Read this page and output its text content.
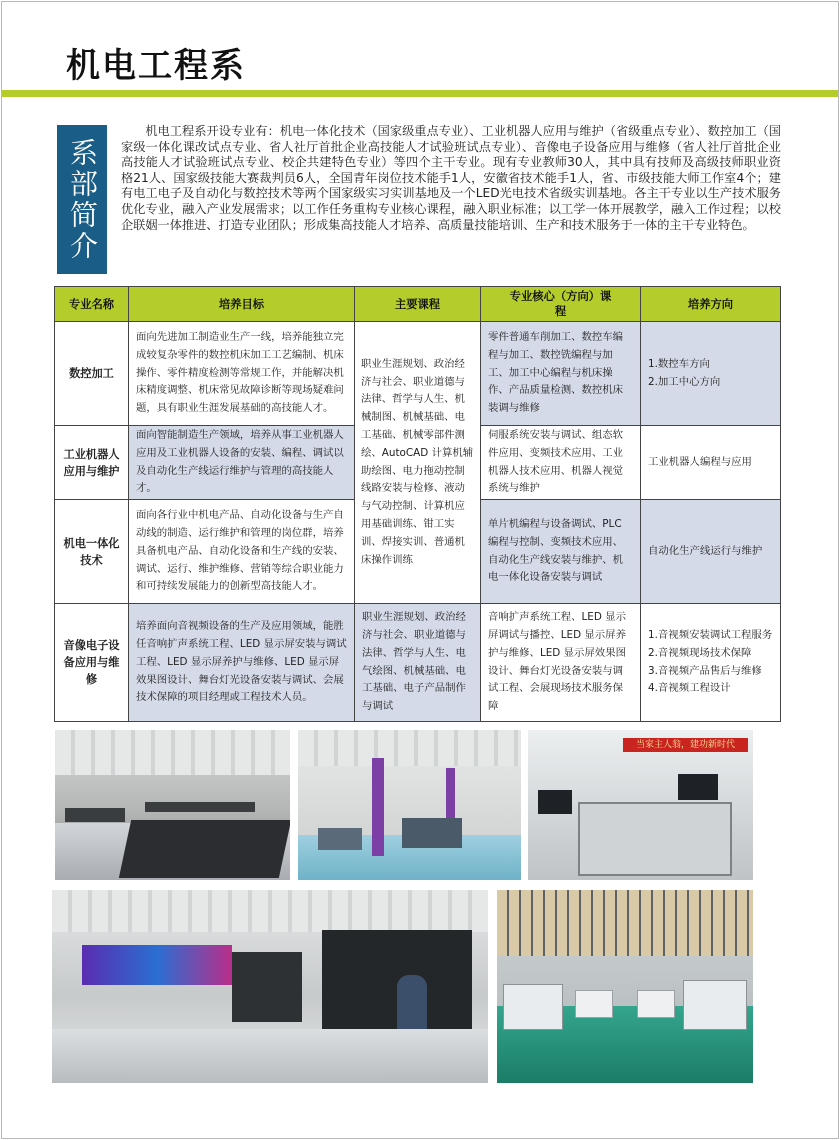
机电工程系
系部简介

机电工程系开设专业有：机电一体化技术（国家级重点专业）、工业机器人应用与维护（省级重点专业）、数控加工（国家级一体化课改试点专业、省人社厅首批企业高技能人才试验班试点专业）、音像电子设备应用与维修（省人社厅首批企业高技能人才试验班试点专业、校企共建特色专业）等四个主干专业。现有专业教师30人，其中具有技师及高级技师职业资格21人、国家级技能大赛裁判员6人，全国青年岗位技术能手1人，安徽省技术能手1人，省、市级技能大师工作室4个；建有电工电子及自动化与数控技术等两个国家级实习实训基地及一个LED光电技术省级实训基地。各主干专业以生产技术服务优化专业，融入产业发展需求；以工作任务重构专业核心课程，融入职业标准；以工学一体开展教学，融入工作过程；以校企联姻一体推进、打造专业团队；形成集高技能人才培养、高质量技能培训、生产和技术服务于一体的主干专业特色。

专业名称	培养目标	主要课程	专业核心（方向）课程	培养方向
数控加工	面向先进加工制造业生产一线，培养能独立完成较复杂零件的数控机床加工工艺编制、机床操作、零件精度检测等常规工作，并能解决机床精度调整、机床常见故障诊断等现场疑难问题，具有职业生涯发展基础的高技能人才。	职业生涯规划、政治经济与社会、职业道德与法律、哲学与人生、机械制图、机械基础、电工基础、机械零部件测绘、AutoCAD 计算机辅助绘图、电力拖动控制线路安装与检修、液动与气动控制、计算机应用基础训练、钳工实训、焊接实训、普通机床操作训练	零件普通车削加工、数控车编程与加工、数控铣编程与加工、加工中心编程与机床操作、产品质量检测、数控机床装调与维修	1.数控车方向
2.加工中心方向

工业机器人应用与维护	面向智能制造生产领域，培养从事工业机器人应用及工业机器人设备的安装、编程、调试以及自动化生产线运行维护与管理的高技能人才。		伺服系统安装与调试、组态软件应用、变频技术应用、工业机器人技术应用、机器人视觉系统与维护	工业机器人编程与应用

机电一体化技术	面向各行业中机电产品、自动化设备与生产自动线的制造、运行维护和管理的岗位群，培养具备机电产品、自动化设备和生产线的安装、调试、运行、维护维修、营销等综合职业能力和可持续发展能力的创新型高技能人才。		单片机编程与设备调试、PLC 编程与控制、变频技术应用、自动化生产线安装与维护、机电一体化设备安装与调试	自动化生产线运行与维护

音像电子设备应用与维修	培养面向音视频设备的生产及应用领域，能胜任音响扩声系统工程、LED 显示屏安装与调试工程、LED 显示屏养护与维修、LED 显示屏效果图设计、舞台灯光设备安装与调试、会展技术保障的项目经理或工程技术人员。	职业生涯规划、政治经济与社会、职业道德与法律、哲学与人生、电气绘图、机械基础、电工基础、电子产品制作与调试	音响扩声系统工程、LED 显示屏调试与播控、LED 显示屏养护与维修、LED 显示屏效果图设计、舞台灯光设备安装与调试工程、会展现场技术服务保障	1.音视频安装调试工程服务
2.音视频现场技术保障
3.音视频产品售后与维修
4.音视频工程设计
当家主人翁，建功新时代
